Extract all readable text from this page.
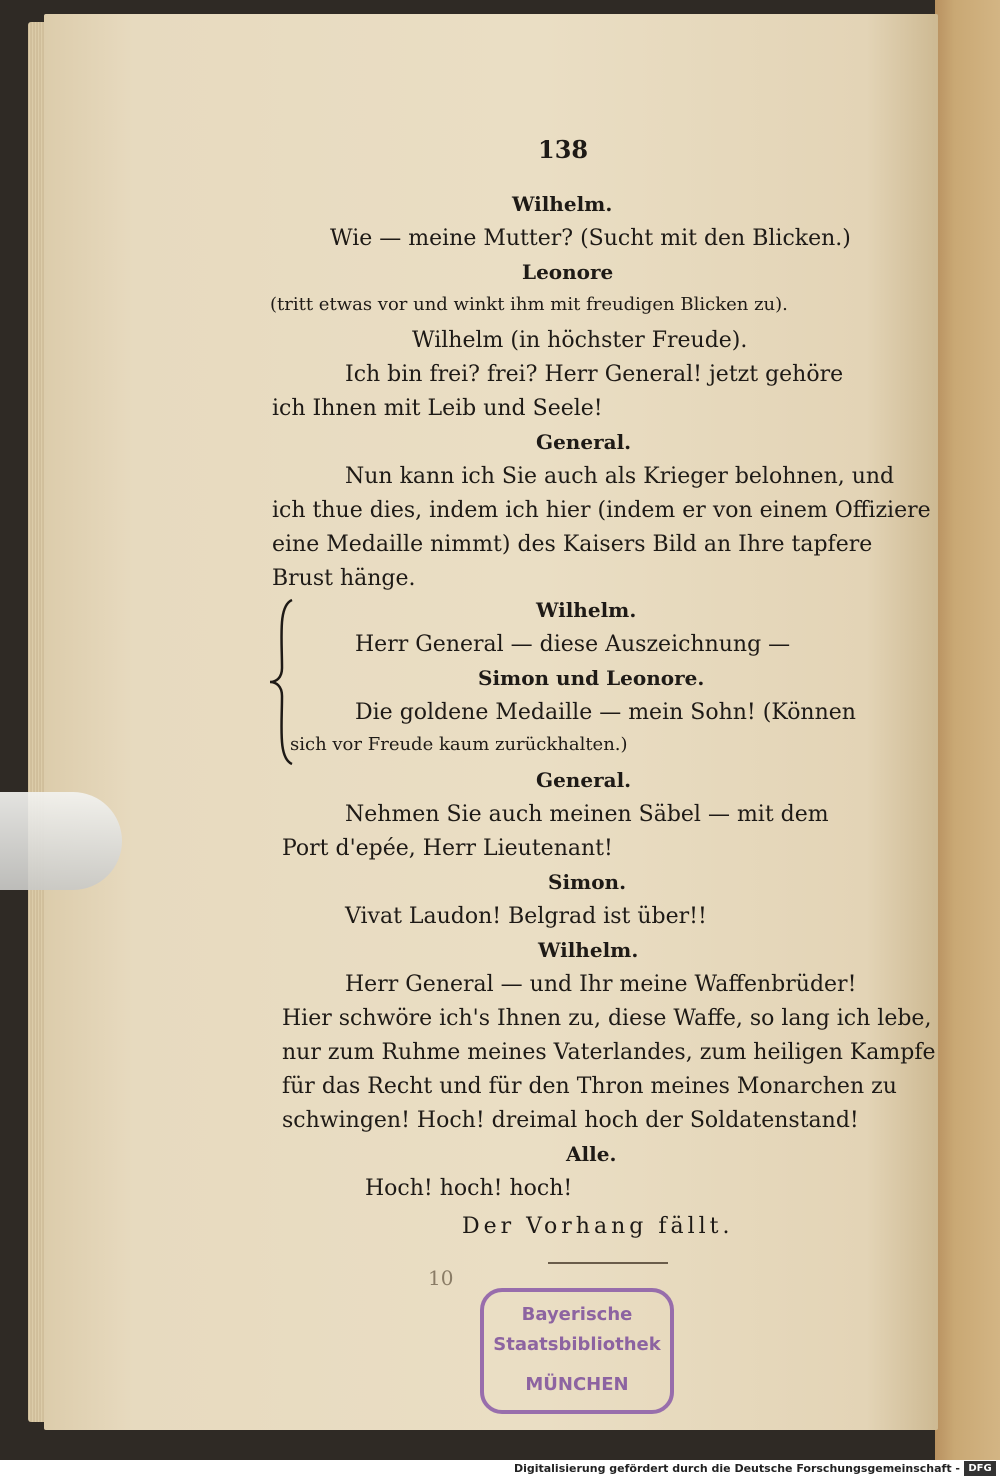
138
Wilhelm.
Wie — meine Mutter? (Sucht mit den Blicken.)
Leonore
(tritt etwas vor und winkt ihm mit freudigen Blicken zu).
Wilhelm (in höchster Freude).
Ich bin frei? frei? Herr General! jetzt gehöre
ich Ihnen mit Leib und Seele!
General.
Nun kann ich Sie auch als Krieger belohnen, und
ich thue dies, indem ich hier (indem er von einem Offiziere
eine Medaille nimmt) des Kaisers Bild an Ihre tapfere
Brust hänge.
Wilhelm.
Herr General — diese Auszeichnung —
Simon und Leonore.
Die goldene Medaille — mein Sohn! (Können
sich vor Freude kaum zurückhalten.)
General.
Nehmen Sie auch meinen Säbel — mit dem
Port d'epée, Herr Lieutenant!
Simon.
Vivat Laudon! Belgrad ist über!!
Wilhelm.
Herr General — und Ihr meine Waffenbrüder!
Hier schwöre ich's Ihnen zu, diese Waffe, so lang ich lebe,
nur zum Ruhme meines Vaterlandes, zum heiligen Kampfe
für das Recht und für den Thron meines Monarchen zu
schwingen! Hoch! dreimal hoch der Soldatenstand!
Alle.
Hoch! hoch! hoch!
Der Vorhang fällt.
10
Bayerische
Staatsbibliothek
MÜNCHEN
Digitalisierung gefördert durch die Deutsche Forschungsgemeinschaft - DFG
